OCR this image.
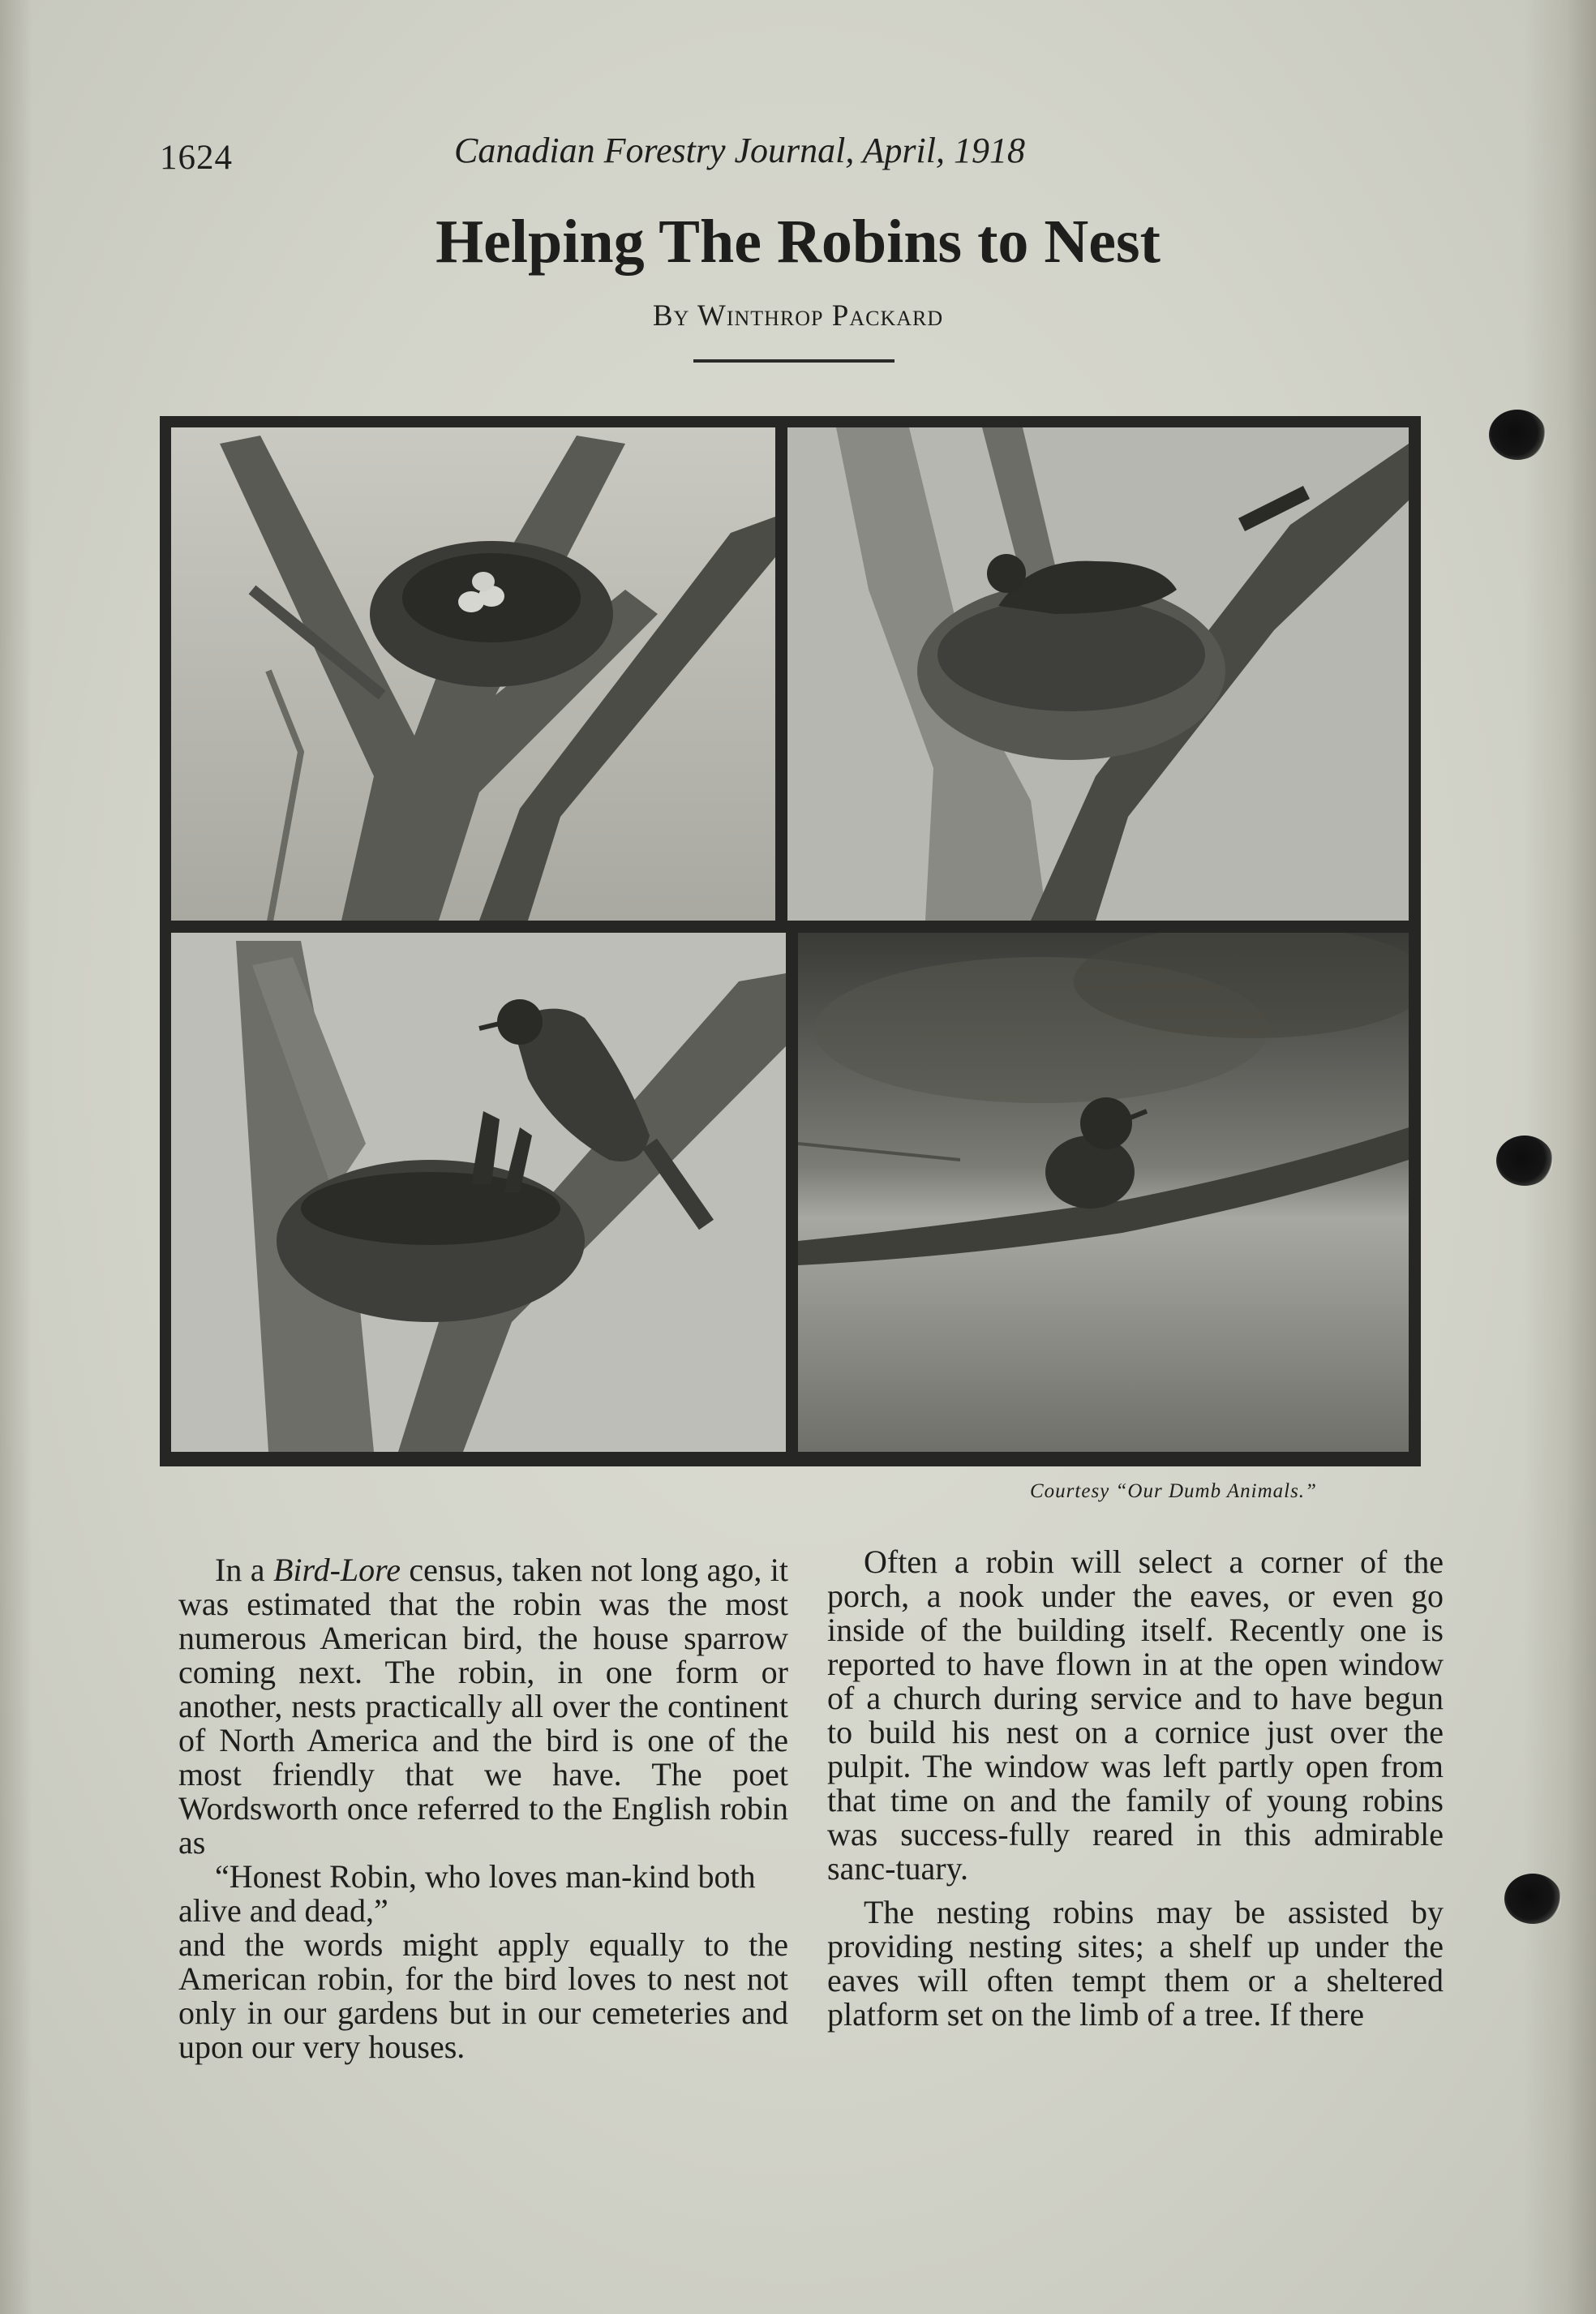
1624	Canadian Forestry Journal, April, 1918
Helping The Robins to Nest
By Winthrop Packard
Courtesy “Our Dumb Animals.”

In a Bird-Lore census, taken not long ago, it was estimated that the robin was the most numerous American bird, the house sparrow coming next. The robin, in one form or another, nests practically all over the continent of North America and the bird is one of the most friendly that we have. The poet Wordsworth once referred to the English robin as

“Honest Robin, who loves man-kind both alive and dead,”

and the words might apply equally to the American robin, for the bird loves to nest not only in our gardens but in our cemeteries and upon our very houses.

Often a robin will select a corner of the porch, a nook under the eaves, or even go inside of the building itself. Recently one is reported to have flown in at the open window of a church during service and to have begun to build his nest on a cornice just over the pulpit. The window was left partly open from that time on and the family of young robins was success-fully reared in this admirable sanc-tuary.

The nesting robins may be assisted by providing nesting sites; a shelf up under the eaves will often tempt them or a sheltered platform set on the limb of a tree. If there
